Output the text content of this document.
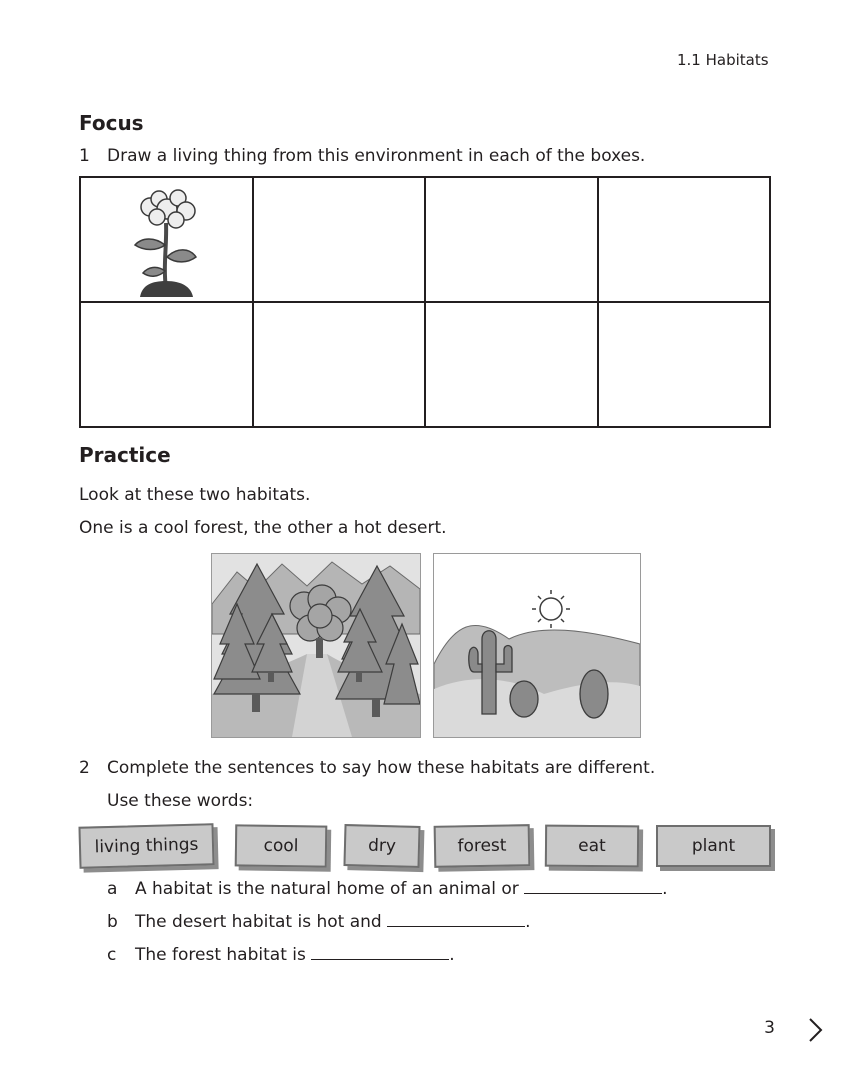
1.1 Habitats
Focus
1 Draw a living thing from this environment in each of the boxes.

Practice
Look at these two habitats.
One is a cool forest, the other a hot desert.
2 Complete the sentences to say how these habitats are different.
Use these words:
living things	cool	dry	forest	eat	plant
a A habitat is the natural home of an animal or	.
b The desert habitat is hot and	.
c The forest habitat is	.
3
